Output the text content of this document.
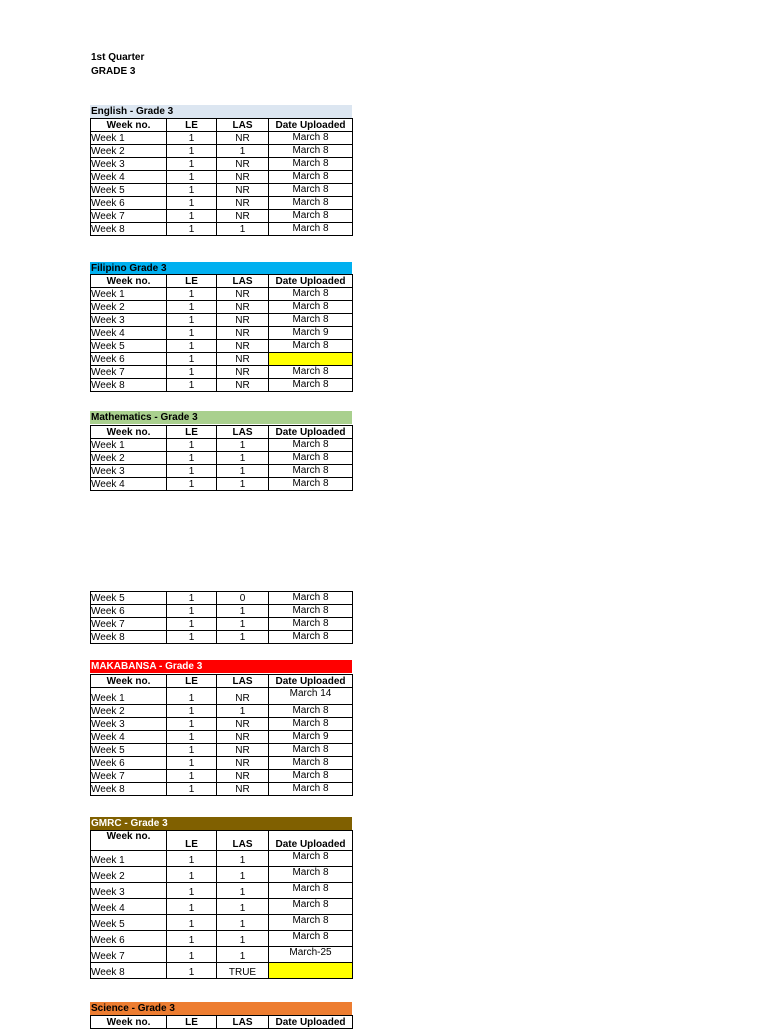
1st Quarter
GRADE 3
English - Grade 3
Week no.	LE	LAS	Date Uploaded
Week 1	1	NR	March 8
Week 2	1	1	March 8
Week 3	1	NR	March 8
Week 4	1	NR	March 8
Week 5	1	NR	March 8
Week 6	1	NR	March 8
Week 7	1	NR	March 8
Week 8	1	1	March 8
Filipino Grade 3
Week no.	LE	LAS	Date Uploaded
Week 1	1	NR	March 8
Week 2	1	NR	March 8
Week 3	1	NR	March 8
Week 4	1	NR	March 9
Week 5	1	NR	March 8
Week 6	1	NR	
Week 7	1	NR	March 8
Week 8	1	NR	March 8
Mathematics - Grade 3
Week no.	LE	LAS	Date Uploaded
Week 1	1	1	March 8
Week 2	1	1	March 8
Week 3	1	1	March 8
Week 4	1	1	March 8
Week 5	1	0	March 8
Week 6	1	1	March 8
Week 7	1	1	March 8
Week 8	1	1	March 8
MAKABANSA - Grade 3
Week no.	LE	LAS	Date Uploaded
Week 1	1	NR	March 14
Week 2	1	1	March 8
Week 3	1	NR	March 8
Week 4	1	NR	March 9
Week 5	1	NR	March 8
Week 6	1	NR	March 8
Week 7	1	NR	March 8
Week 8	1	NR	March 8
GMRC - Grade 3
Week no.	LE	LAS	Date Uploaded
Week 1	1	1	March 8
Week 2	1	1	March 8
Week 3	1	1	March 8
Week 4	1	1	March 8
Week 5	1	1	March 8
Week 6	1	1	March 8
Week 7	1	1	March-25
Week 8	1	TRUE	
Science - Grade 3
Week no.	LE	LAS	Date Uploaded
